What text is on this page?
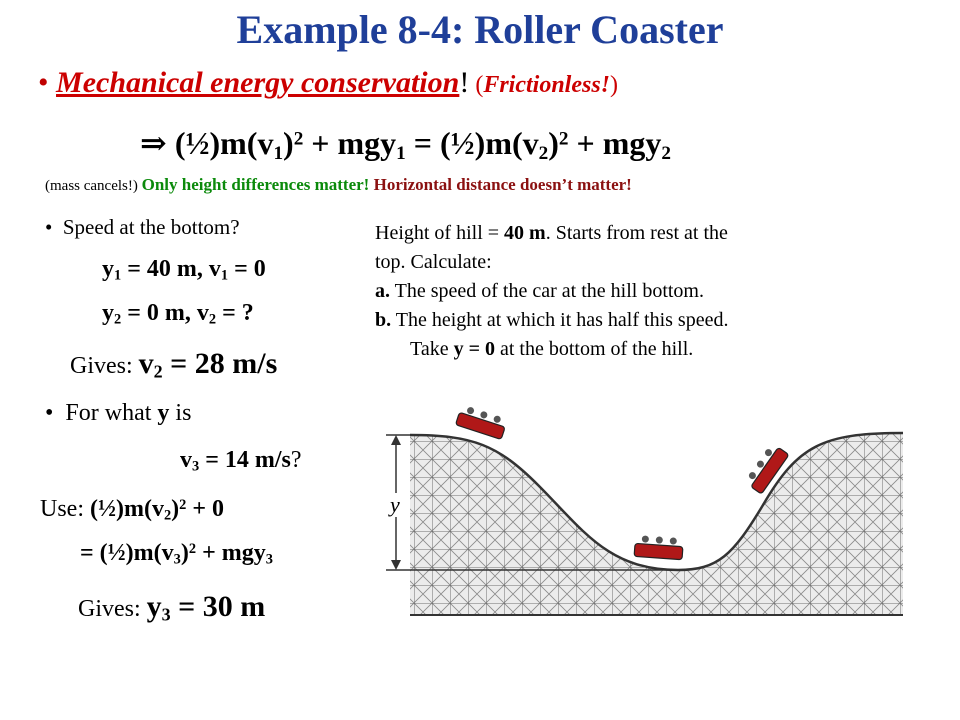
Example 8-4: Roller Coaster
• Mechanical energy conservation! (Frictionless!)
⇒ $(\frac{1}{2})m(v_1)^2 + mgy_1$ = $(\frac{1}{2})m(v_2)^2 + mgy_2$
(mass cancels!) Only height differences matter! Horizontal distance doesn’t matter!
•  Speed at the bottom?
$y_1 = 40$ m, $v_1 = 0$
$y_2 = 0$ m, $v_2$ = ?
Gives: $v_2 = 28$ m/s
•  For what y is
$v_3 = 14$ m/s?
Use: $(\frac{1}{2})m(v_2)^2 + 0$
= $(\frac{1}{2})m(v_3)^2 + mgy_3$
Gives: $y_3 = 30$ m
Height of hill = 40 m. Starts from rest at the
top. Calculate:
a. The speed of the car at the hill bottom.
b. The height at which it has half this speed.
Take y = 0 at the bottom of the hill.
y
